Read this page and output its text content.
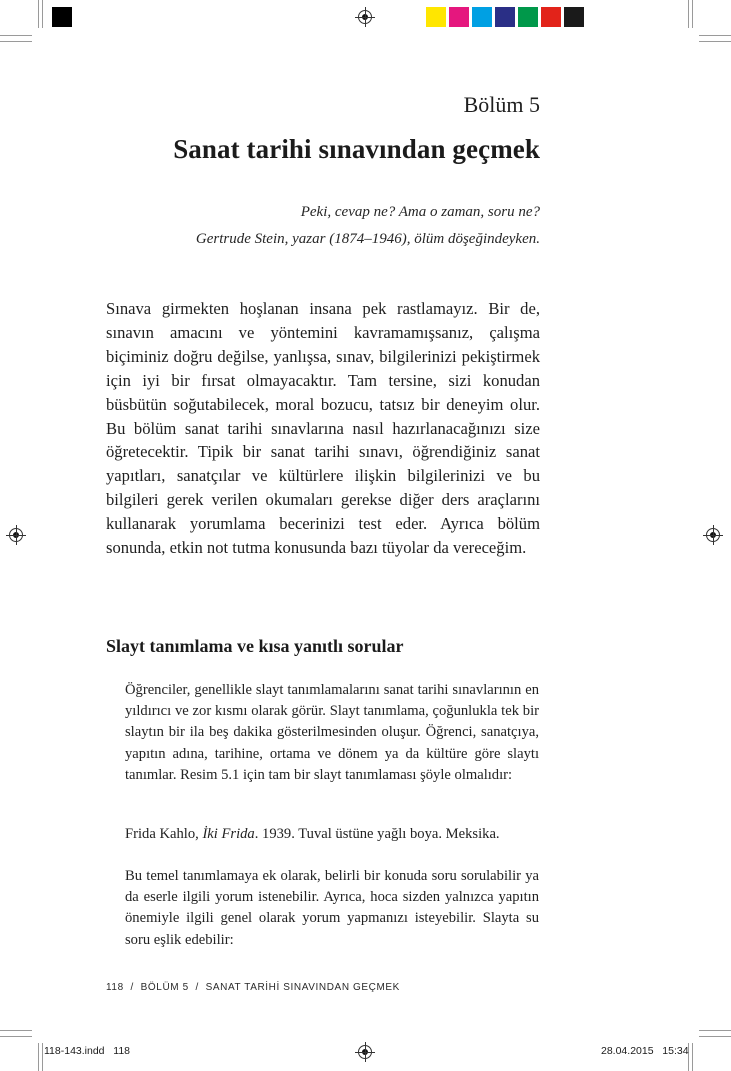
Bölüm 5
Sanat tarihi sınavından geçmek
Peki, cevap ne? Ama o zaman, soru ne?
Gertrude Stein, yazar (1874–1946), ölüm döşeğindeyken.
Sınava girmekten hoşlanan insana pek rastlamayız. Bir de, sınavın amacını ve yöntemini kavramamışsanız, çalışma biçiminiz doğru değilse, yanlışsa, sınav, bilgilerinizi pekiştirmek için iyi bir fırsat olmayacaktır. Tam tersine, sizi konudan büsbütün soğutabilecek, moral bozucu, tatsız bir deneyim olur. Bu bölüm sanat tarihi sınavlarına nasıl hazırlanacağınızı size öğretecektir. Tipik bir sanat tarihi sınavı, öğrendiğiniz sanat yapıtları, sanatçılar ve kültürlere ilişkin bilgilerinizi ve bu bilgileri gerek verilen okumaları gerekse diğer ders araçlarını kullanarak yorumlama becerinizi test eder. Ayrıca bölüm sonunda, etkin not tutma konusunda bazı tüyolar da vereceğim.
Slayt tanımlama ve kısa yanıtlı sorular
Öğrenciler, genellikle slayt tanımlamalarını sanat tarihi sınavlarının en yıldırıcı ve zor kısmı olarak görür. Slayt tanımlama, çoğunlukla tek bir slaytın bir ila beş dakika gösterilmesinden oluşur. Öğrenci, sanatçıya, yapıtın adına, tarihine, ortama ve dönem ya da kültüre göre slaytı tanımlar. Resim 5.1 için tam bir slayt tanımlaması şöyle olmalıdır:
Frida Kahlo, İki Frida. 1939. Tuval üstüne yağlı boya. Meksika.
Bu temel tanımlamaya ek olarak, belirli bir konuda soru sorulabilir ya da eserle ilgili yorum istenebilir. Ayrıca, hoca sizden yalnızca yapıtın önemiyle ilgili genel olarak yorum yapmanızı isteyebilir. Slayta su soru eşlik edebilir:
118  /  BÖLÜM 5  /  SANAT TARİHİ SINAVINDAN GEÇMEK
118-143.indd   118	28.04.2015   15:34
